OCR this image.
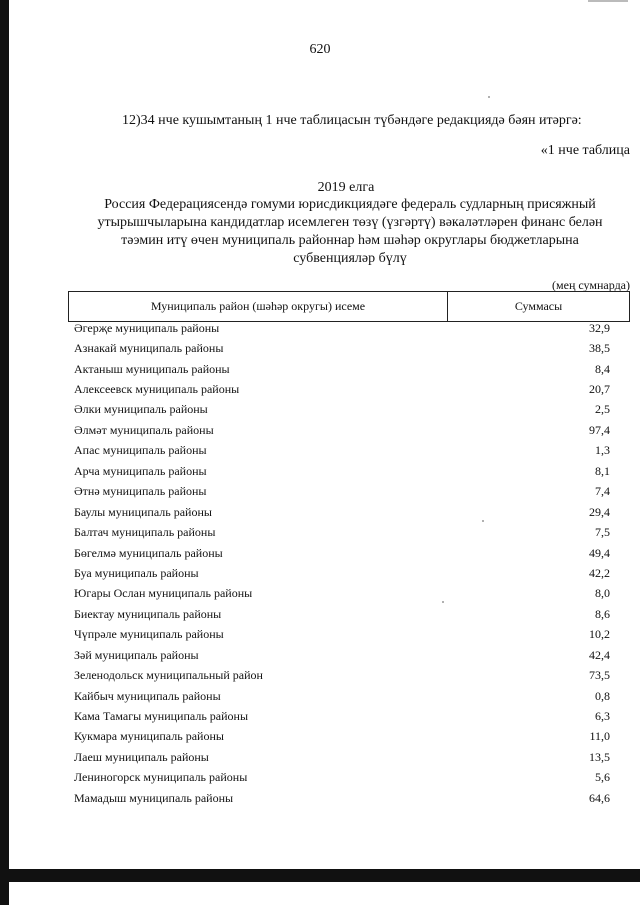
620
12)34 нче кушымтаның 1 нче таблицасын түбәндәге редакциядә бәян итәргә:
«1 нче таблица
2019 елга
Россия Федерациясендә гомуми юрисдикциядәге федераль судларның присяжный
утырышчыларына кандидатлар исемлеген төзү (үзгәртү) вәкаләтләрен финанс белән
тәэмин итү өчен муниципаль районнар һәм шәһәр округлары бюджетларына
субвенцияләр бүлү
(мең сумнарда)
Муниципаль район (шәһәр округы) исеме	Суммасы
Әгерҗе муниципаль районы	32,9
Азнакай муниципаль районы	38,5
Актаныш муниципаль районы	8,4
Алексеевск муниципаль районы	20,7
Әлки муниципаль районы	2,5
Әлмәт муниципаль районы	97,4
Апас муниципаль районы	1,3
Арча муниципаль районы	8,1
Әтнә муниципаль районы	7,4
Баулы муниципаль районы	29,4
Балтач муниципаль районы	7,5
Бөгелмә муниципаль районы	49,4
Буа муниципаль районы	42,2
Югары Ослан муниципаль районы	8,0
Биектау муниципаль районы	8,6
Чүпрәле муниципаль районы	10,2
Зәй муниципаль районы	42,4
Зеленодольск муниципальный район	73,5
Кайбыч муниципаль районы	0,8
Кама Тамагы муниципаль районы	6,3
Кукмара муниципаль районы	11,0
Лаеш муниципаль районы	13,5
Лениногорск муниципаль районы	5,6
Мамадыш муниципаль районы	64,6
